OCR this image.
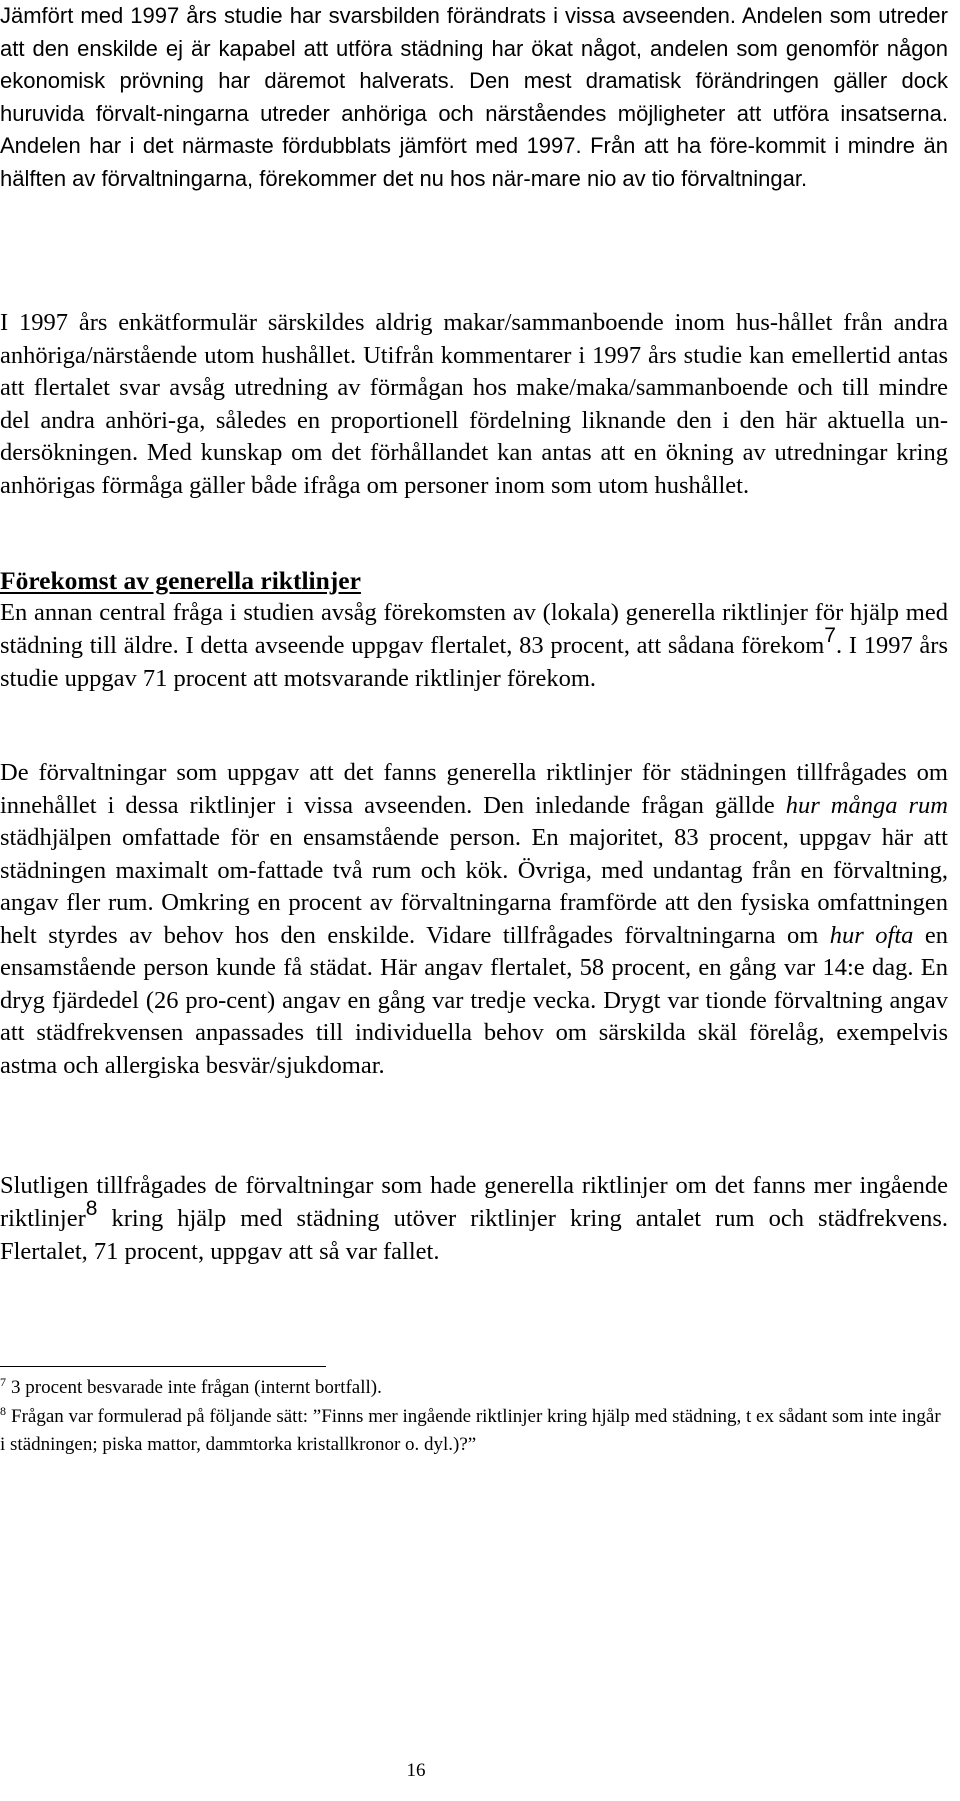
Jämfört med 1997 års studie har svarsbilden förändrats i vissa avseenden. Andelen som utreder att den enskilde ej är kapabel att utföra städning har ökat något, andelen som genomför någon ekonomisk prövning har däremot halverats. Den mest dramatisk förändringen gäller dock huruvida förvalt-ningarna utreder anhöriga och närståendes möjligheter att utföra insatserna. Andelen har i det närmaste fördubblats jämfört med 1997. Från att ha före-kommit i mindre än hälften av förvaltningarna, förekommer det nu hos när-mare nio av tio förvaltningar.

I 1997 års enkätformulär särskildes aldrig makar/sammanboende inom hus-hållet från andra anhöriga/närstående utom hushållet. Utifrån kommentarer i 1997 års studie kan emellertid antas att flertalet svar avsåg utredning av förmågan hos make/maka/sammanboende och till mindre del andra anhöri-ga, således en proportionell fördelning liknande den i den här aktuella un-dersökningen. Med kunskap om det förhållandet kan antas att en ökning av utredningar kring anhörigas förmåga gäller både ifråga om personer inom som utom hushållet.

Förekomst av generella riktlinjer

En annan central fråga i studien avsåg förekomsten av (lokala) generella riktlinjer för hjälp med städning till äldre. I detta avseende uppgav flertalet, 83 procent, att sådana förekom7. I 1997 års studie uppgav 71 procent att motsvarande riktlinjer förekom.

De förvaltningar som uppgav att det fanns generella riktlinjer för städningen tillfrågades om innehållet i dessa riktlinjer i vissa avseenden. Den inledande frågan gällde hur många rum städhjälpen omfattade för en ensamstående person. En majoritet, 83 procent, uppgav här att städningen maximalt om-fattade två rum och kök. Övriga, med undantag från en förvaltning, angav fler rum. Omkring en procent av förvaltningarna framförde att den fysiska omfattningen helt styrdes av behov hos den enskilde. Vidare tillfrågades förvaltningarna om hur ofta en ensamstående person kunde få städat. Här angav flertalet, 58 procent, en gång var 14:e dag. En dryg fjärdedel (26 pro-cent) angav en gång var tredje vecka. Drygt var tionde förvaltning angav att städfrekvensen anpassades till individuella behov om särskilda skäl förelåg, exempelvis astma och allergiska besvär/sjukdomar.

Slutligen tillfrågades de förvaltningar som hade generella riktlinjer om det fanns mer ingående riktlinjer8 kring hjälp med städning utöver riktlinjer kring antalet rum och städfrekvens. Flertalet, 71 procent, uppgav att så var fallet.

$^7$ 3 procent besvarade inte frågan (internt bortfall).

$^8$ Frågan var formulerad på följande sätt: ”Finns mer ingående riktlinjer kring hjälp med städning, t ex sådant som inte ingår i städningen; piska mattor, dammtorka kristallkronor o. dyl.)?”

16
